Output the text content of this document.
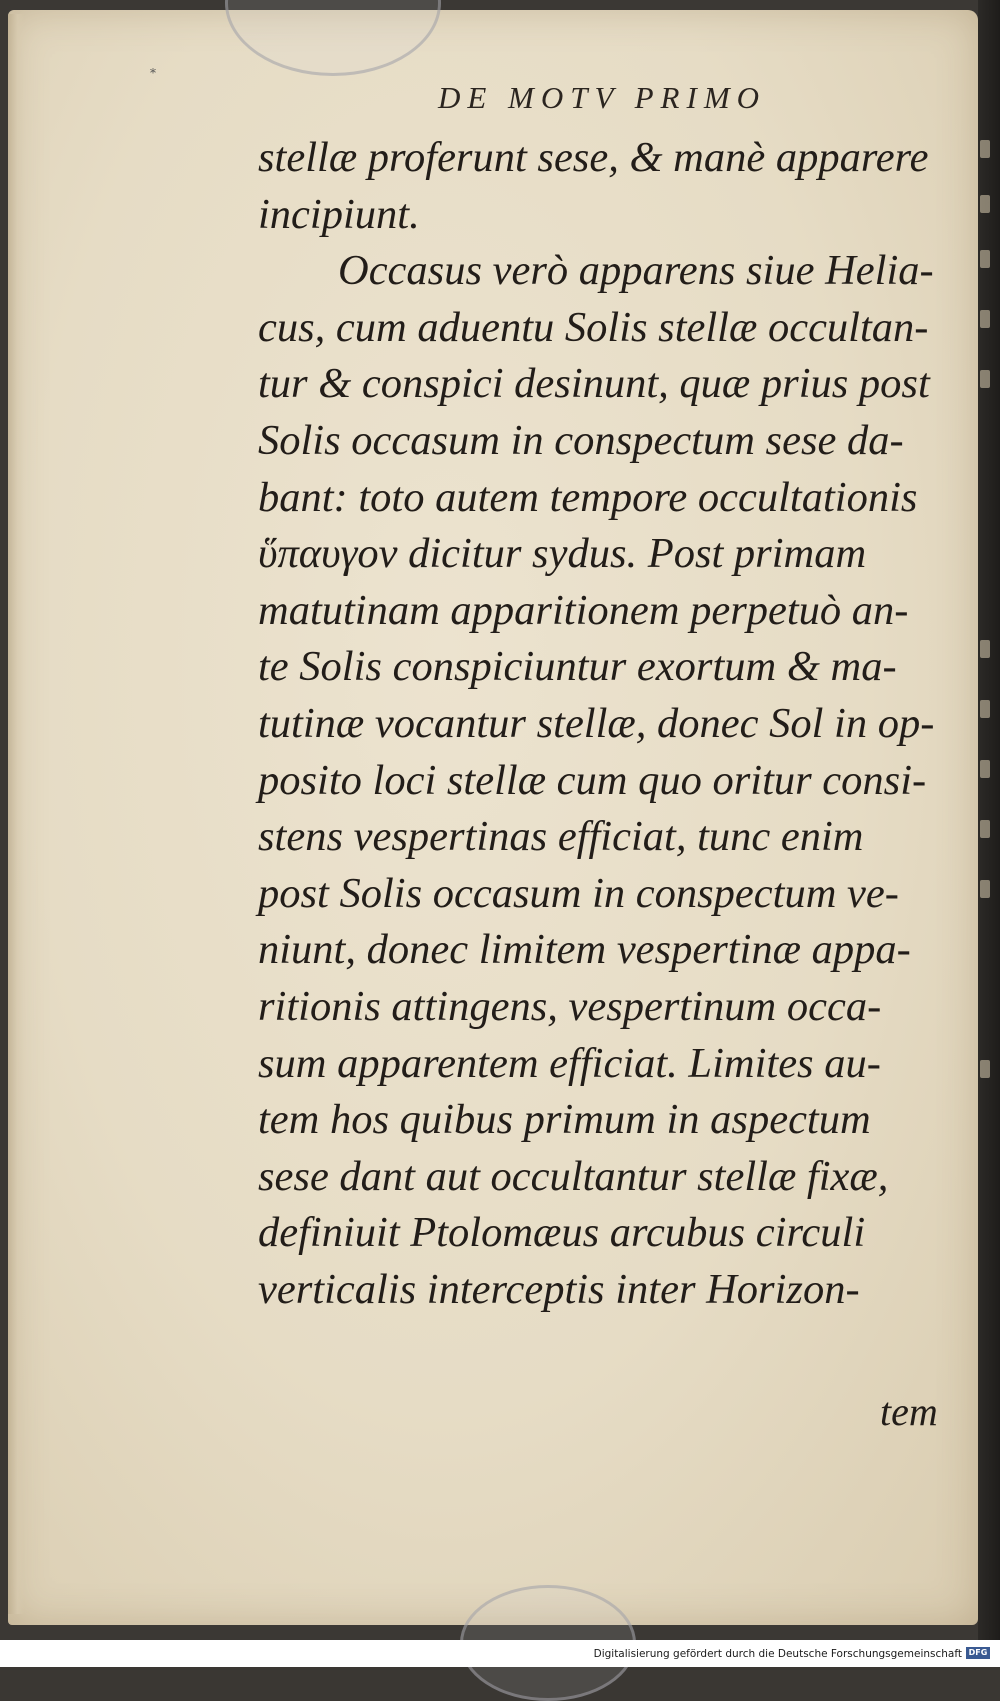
*
DE MOTV PRIMO
stellæ proferunt sese, & manè apparere
incipiunt.
Occasus verò apparens siue Helia-
cus, cum aduentu Solis stellæ occultan-
tur & conspici desinunt, quæ prius post
Solis occasum in conspectum sese da-
bant: toto autem tempore occultationis
ὕπαυγον dicitur sydus. Post primam
matutinam apparitionem perpetuò an-
te Solis conspiciuntur exortum & ma-
tutinæ vocantur stellæ, donec Sol in op-
posito loci stellæ cum quo oritur consi-
stens vespertinas efficiat, tunc enim
post Solis occasum in conspectum ve-
niunt, donec limitem vespertinæ appa-
ritionis attingens, vespertinum occa-
sum apparentem efficiat. Limites au-
tem hos quibus primum in aspectum
sese dant aut occultantur stellæ fixæ,
definiuit Ptolomæus arcubus circuli
verticalis interceptis inter Horizon-
tem
Digitalisierung gefördert durch die Deutsche Forschungsgemeinschaft DFG
